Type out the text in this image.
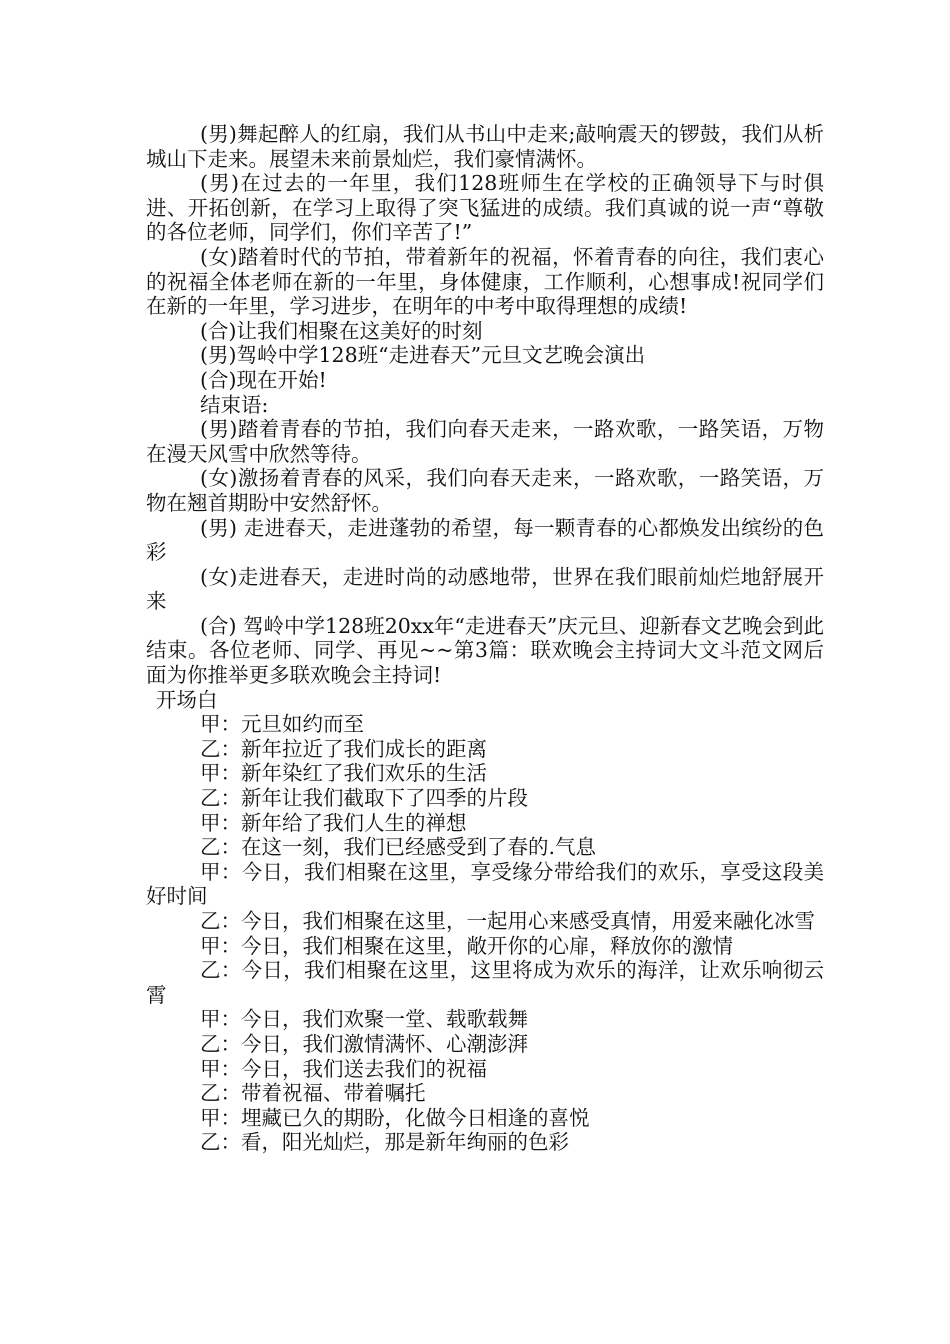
(男)舞起醉人的红扇，我们从书山中走来;敲响震天的锣鼓，我们从析城山下走来。展望未来前景灿烂，我们豪情满怀。

(男)在过去的一年里，我们128班师生在学校的正确领导下与时俱进、开拓创新，在学习上取得了突飞猛进的成绩。我们真诚的说一声“尊敬的各位老师，同学们，你们辛苦了!”

(女)踏着时代的节拍，带着新年的祝福，怀着青春的向往，我们衷心的祝福全体老师在新的一年里，身体健康，工作顺利，心想事成!祝同学们在新的一年里，学习进步，在明年的中考中取得理想的成绩!

(合)让我们相聚在这美好的时刻

(男)驾岭中学128班“走进春天”元旦文艺晚会演出

(合)现在开始!

结束语:

(男)踏着青春的节拍，我们向春天走来，一路欢歌，一路笑语，万物在漫天风雪中欣然等待。

(女)激扬着青春的风采，我们向春天走来，一路欢歌，一路笑语，万物在翘首期盼中安然舒怀。

(男) 走进春天，走进蓬勃的希望，每一颗青春的心都焕发出缤纷的色彩

(女)走进春天，走进时尚的动感地带，世界在我们眼前灿烂地舒展开来

(合) 驾岭中学128班20xx年“走进春天”庆元旦、迎新春文艺晚会到此结束。各位老师、同学、再见~~第3篇：联欢晚会主持词大文斗范文网后面为你推举更多联欢晚会主持词!

开场白

甲：元旦如约而至

乙：新年拉近了我们成长的距离

甲：新年染红了我们欢乐的生活

乙：新年让我们截取下了四季的片段

甲：新年给了我们人生的禅想

乙：在这一刻，我们已经感受到了春的.气息

甲：今日，我们相聚在这里，享受缘分带给我们的欢乐，享受这段美好时间

乙：今日，我们相聚在这里，一起用心来感受真情，用爱来融化冰雪

甲：今日，我们相聚在这里，敞开你的心扉，释放你的激情

乙：今日，我们相聚在这里，这里将成为欢乐的海洋，让欢乐响彻云霄

甲：今日，我们欢聚一堂、载歌载舞

乙：今日，我们激情满怀、心潮澎湃

甲：今日，我们送去我们的祝福

乙：带着祝福、带着嘱托

甲：埋藏已久的期盼，化做今日相逢的喜悦

乙：看，阳光灿烂，那是新年绚丽的色彩
